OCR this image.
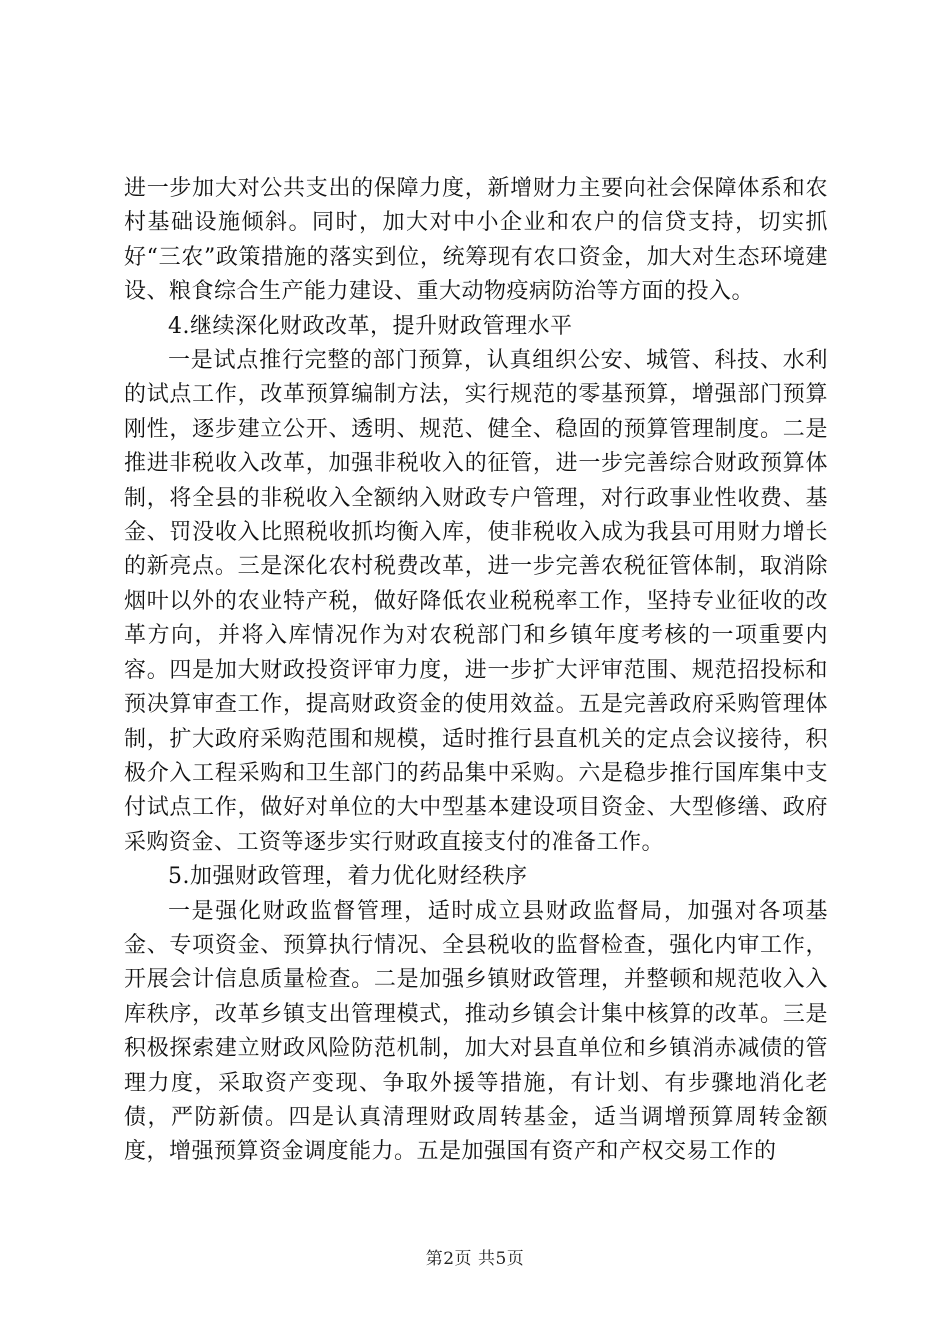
进一步加大对公共支出的保障力度，新增财力主要向社会保障体系和农村基础设施倾斜。同时，加大对中小企业和农户的信贷支持，切实抓好“三农”政策措施的落实到位，统筹现有农口资金，加大对生态环境建设、粮食综合生产能力建设、重大动物疫病防治等方面的投入。

4.继续深化财政改革，提升财政管理水平

一是试点推行完整的部门预算，认真组织公安、城管、科技、水利的试点工作，改革预算编制方法，实行规范的零基预算，增强部门预算刚性，逐步建立公开、透明、规范、健全、稳固的预算管理制度。二是推进非税收入改革，加强非税收入的征管，进一步完善综合财政预算体制，将全县的非税收入全额纳入财政专户管理，对行政事业性收费、基金、罚没收入比照税收抓均衡入库，使非税收入成为我县可用财力增长的新亮点。三是深化农村税费改革，进一步完善农税征管体制，取消除烟叶以外的农业特产税，做好降低农业税税率工作，坚持专业征收的改革方向，并将入库情况作为对农税部门和乡镇年度考核的一项重要内容。四是加大财政投资评审力度，进一步扩大评审范围、规范招投标和预决算审查工作，提高财政资金的使用效益。五是完善政府采购管理体制，扩大政府采购范围和规模，适时推行县直机关的定点会议接待，积极介入工程采购和卫生部门的药品集中采购。六是稳步推行国库集中支付试点工作，做好对单位的大中型基本建设项目资金、大型修缮、政府采购资金、工资等逐步实行财政直接支付的准备工作。

5.加强财政管理，着力优化财经秩序

一是强化财政监督管理，适时成立县财政监督局，加强对各项基金、专项资金、预算执行情况、全县税收的监督检查，强化内审工作，开展会计信息质量检查。二是加强乡镇财政管理，并整顿和规范收入入库秩序，改革乡镇支出管理模式，推动乡镇会计集中核算的改革。三是积极探索建立财政风险防范机制，加大对县直单位和乡镇消赤减债的管理力度，采取资产变现、争取外援等措施，有计划、有步骤地消化老债，严防新债。四是认真清理财政周转基金，适当调增预算周转金额度，增强预算资金调度能力。五是加强国有资产和产权交易工作的

第2页 共5页
